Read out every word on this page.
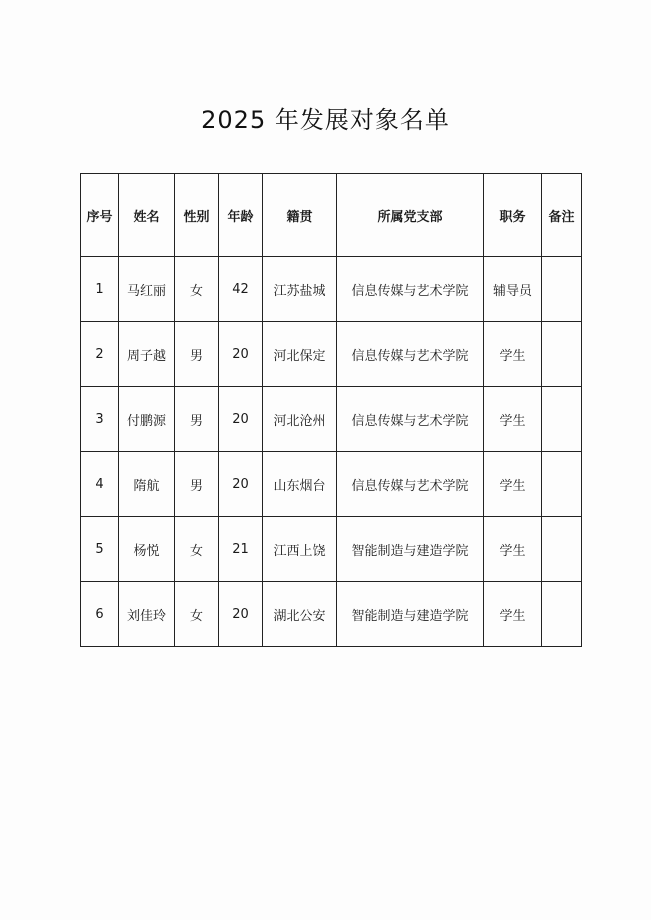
2025 年发展对象名单
序号	姓名	性别	年龄	籍贯	所属党支部	职务	备注
1	马红丽	女	42	江苏盐城	信息传媒与艺术学院	辅导员	
2	周子越	男	20	河北保定	信息传媒与艺术学院	学生	
3	付鹏源	男	20	河北沧州	信息传媒与艺术学院	学生	
4	隋航	男	20	山东烟台	信息传媒与艺术学院	学生	
5	杨悦	女	21	江西上饶	智能制造与建造学院	学生	
6	刘佳玲	女	20	湖北公安	智能制造与建造学院	学生	
